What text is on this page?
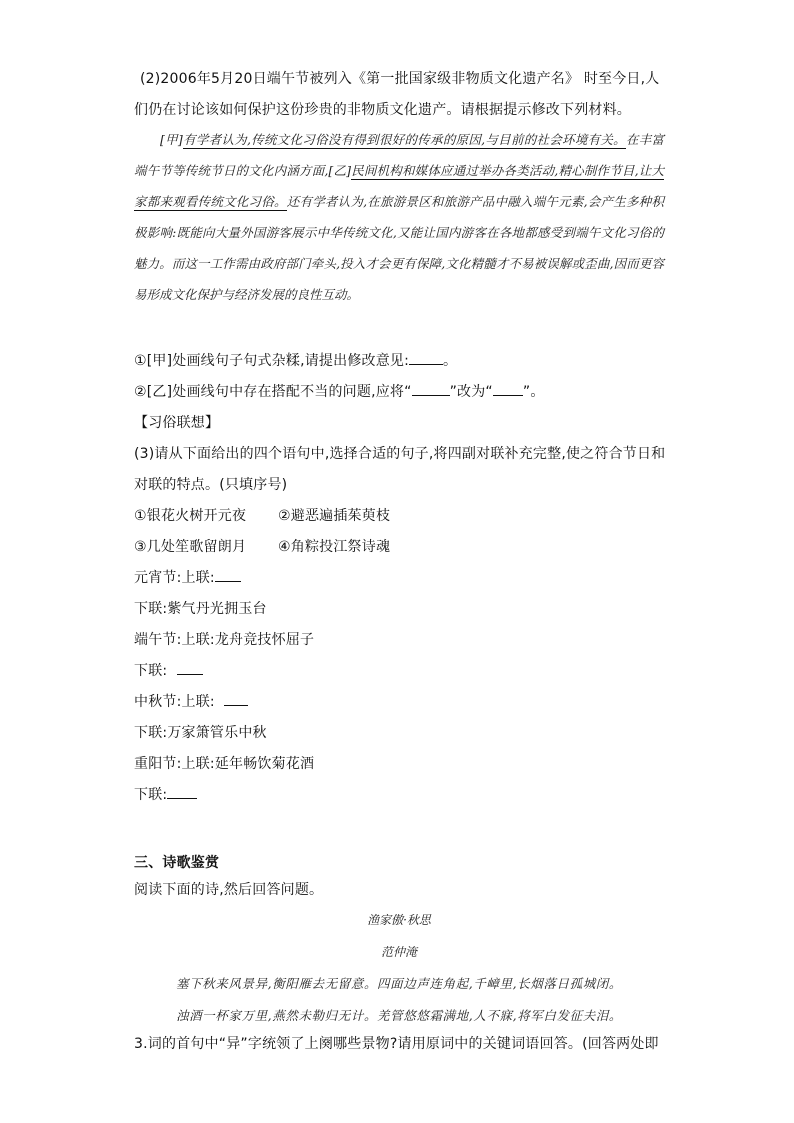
(2)2006年5月20日端午节被列入《第一批国家级非物质文化遗产名》 时至今日,人
们仍在讨论该如何保护这份珍贵的非物质文化遗产。请根据提示修改下列材料。
[甲]有学者认为,传统文化习俗没有得到很好的传承的原因,与目前的社会环境有关。在丰富端午节等传统节日的文化内涵方面,[乙]民间机构和媒体应通过举办各类活动,精心制作节目,让大家都来观看传统文化习俗。还有学者认为,在旅游景区和旅游产品中融入端午元素,会产生多种积极影响:既能向大量外国游客展示中华传统文化,又能让国内游客在各地都感受到端午文化习俗的魅力。而这一工作需由政府部门牵头,投入才会更有保障,文化精髓才不易被误解或歪曲,因而更容易形成文化保护与经济发展的良性互动。
①[甲]处画线句子句式杂糅,请提出修改意见: 。
②[乙]处画线句中存在搭配不当的问题,应将“	”改为“ ”。
【习俗联想】
(3)请从下面给出的四个语句中,选择合适的句子,将四副对联补充完整,使之符合节日和
对联的特点。(只填序号)
①银花火树开元夜 ②避恶遍插茱萸枝
③几处笙歌留朗月 ④角粽投江祭诗魂
元宵节:上联:
下联:紫气丹光拥玉台
端午节:上联:龙舟竞技怀屈子
下联:
中秋节:上联:
下联:万家箫管乐中秋
重阳节:上联:延年畅饮菊花酒
下联:
三、诗歌鉴赏
阅读下面的诗,然后回答问题。
渔家傲·秋思
范仲淹
塞下秋来风景异,衡阳雁去无留意。四面边声连角起,千嶂里,长烟落日孤城闭。
浊酒一杯家万里,燕然未勒归无计。羌管悠悠霜满地,人不寐,将军白发征夫泪。
3.词的首句中“异”字统领了上阕哪些景物?请用原词中的关键词语回答。(回答两处即
